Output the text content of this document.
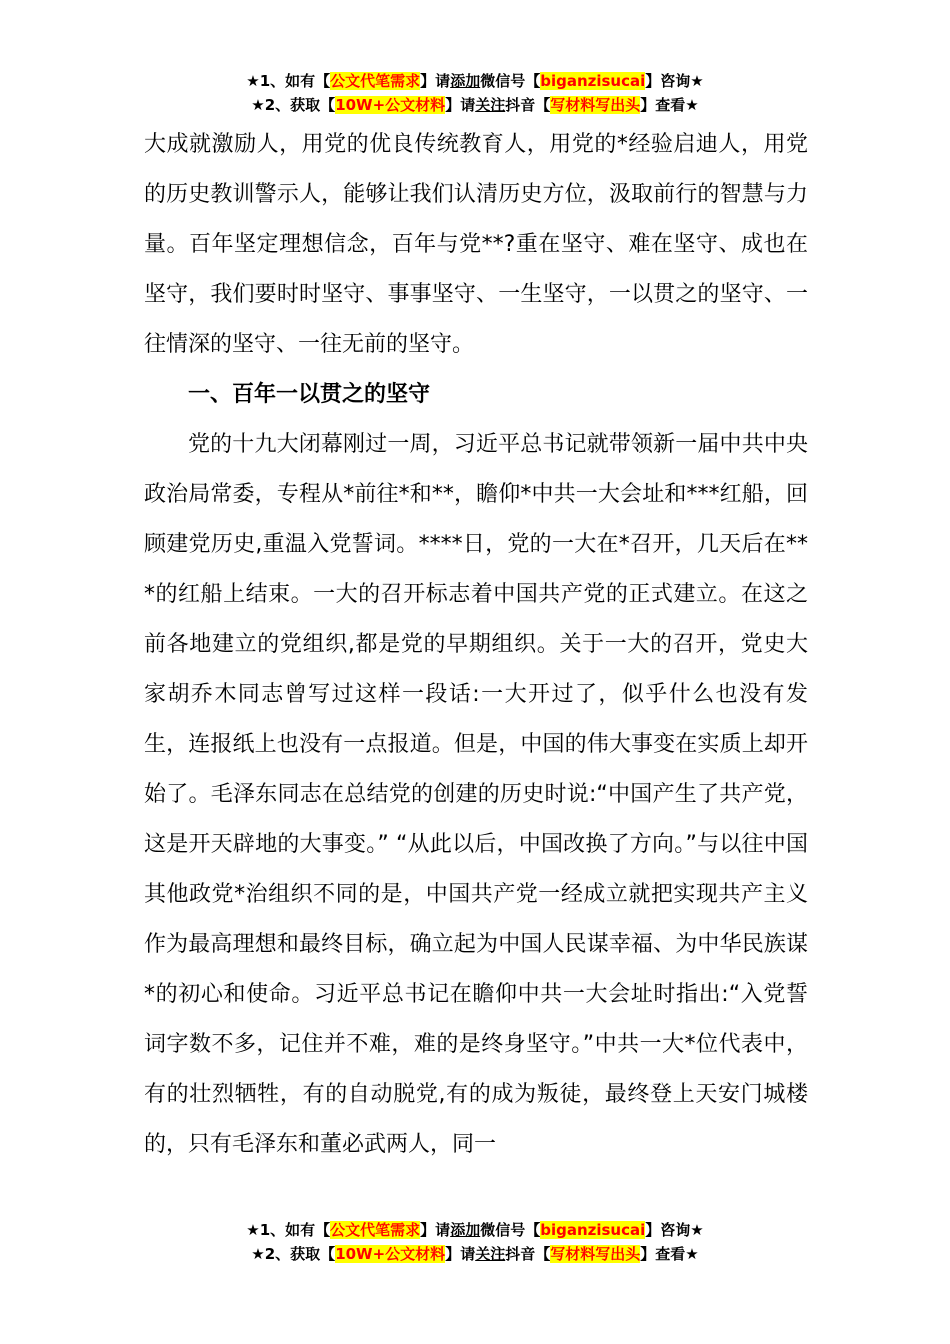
★1、如有【公文代笔需求】请添加微信号【biganzisucai】咨询★
★2、获取【10W+公文材料】请关注抖音【写材料写出头】查看★

大成就激励人，用党的优良传统教育人，用党的*经验启迪人，用党的历史教训警示人，能够让我们认清历史方位，汲取前行的智慧与力量。百年坚定理想信念，百年与党**?重在坚守、难在坚守、成也在坚守，我们要时时坚守、事事坚守、一生坚守，一以贯之的坚守、一往情深的坚守、一往无前的坚守。

一、百年一以贯之的坚守

党的十九大闭幕刚过一周，习近平总书记就带领新一届中共中央政治局常委，专程从*前往*和**，瞻仰*中共一大会址和***红船，回顾建党历史,重温入党誓词。****日，党的一大在*召开，几天后在***的红船上结束。一大的召开标志着中国共产党的正式建立。在这之前各地建立的党组织,都是党的早期组织。关于一大的召开，党史大家胡乔木同志曾写过这样一段话:一大开过了，似乎什么也没有发生，连报纸上也没有一点报道。但是，中国的伟大事变在实质上却开始了。毛泽东同志在总结党的创建的历史时说:“中国产生了共产党，这是开天辟地的大事变。” “从此以后，中国改换了方向。”与以往中国其他政党*治组织不同的是，中国共产党一经成立就把实现共产主义作为最高理想和最终目标，确立起为中国人民谋幸福、为中华民族谋*的初心和使命。习近平总书记在瞻仰中共一大会址时指出:“入党誓词字数不多，记住并不难，难的是终身坚守。”中共一大*位代表中，有的壮烈牺牲，有的自动脱党,有的成为叛徒，最终登上天安门城楼的，只有毛泽东和董必武两人，同一

★1、如有【公文代笔需求】请添加微信号【biganzisucai】咨询★
★2、获取【10W+公文材料】请关注抖音【写材料写出头】查看★
